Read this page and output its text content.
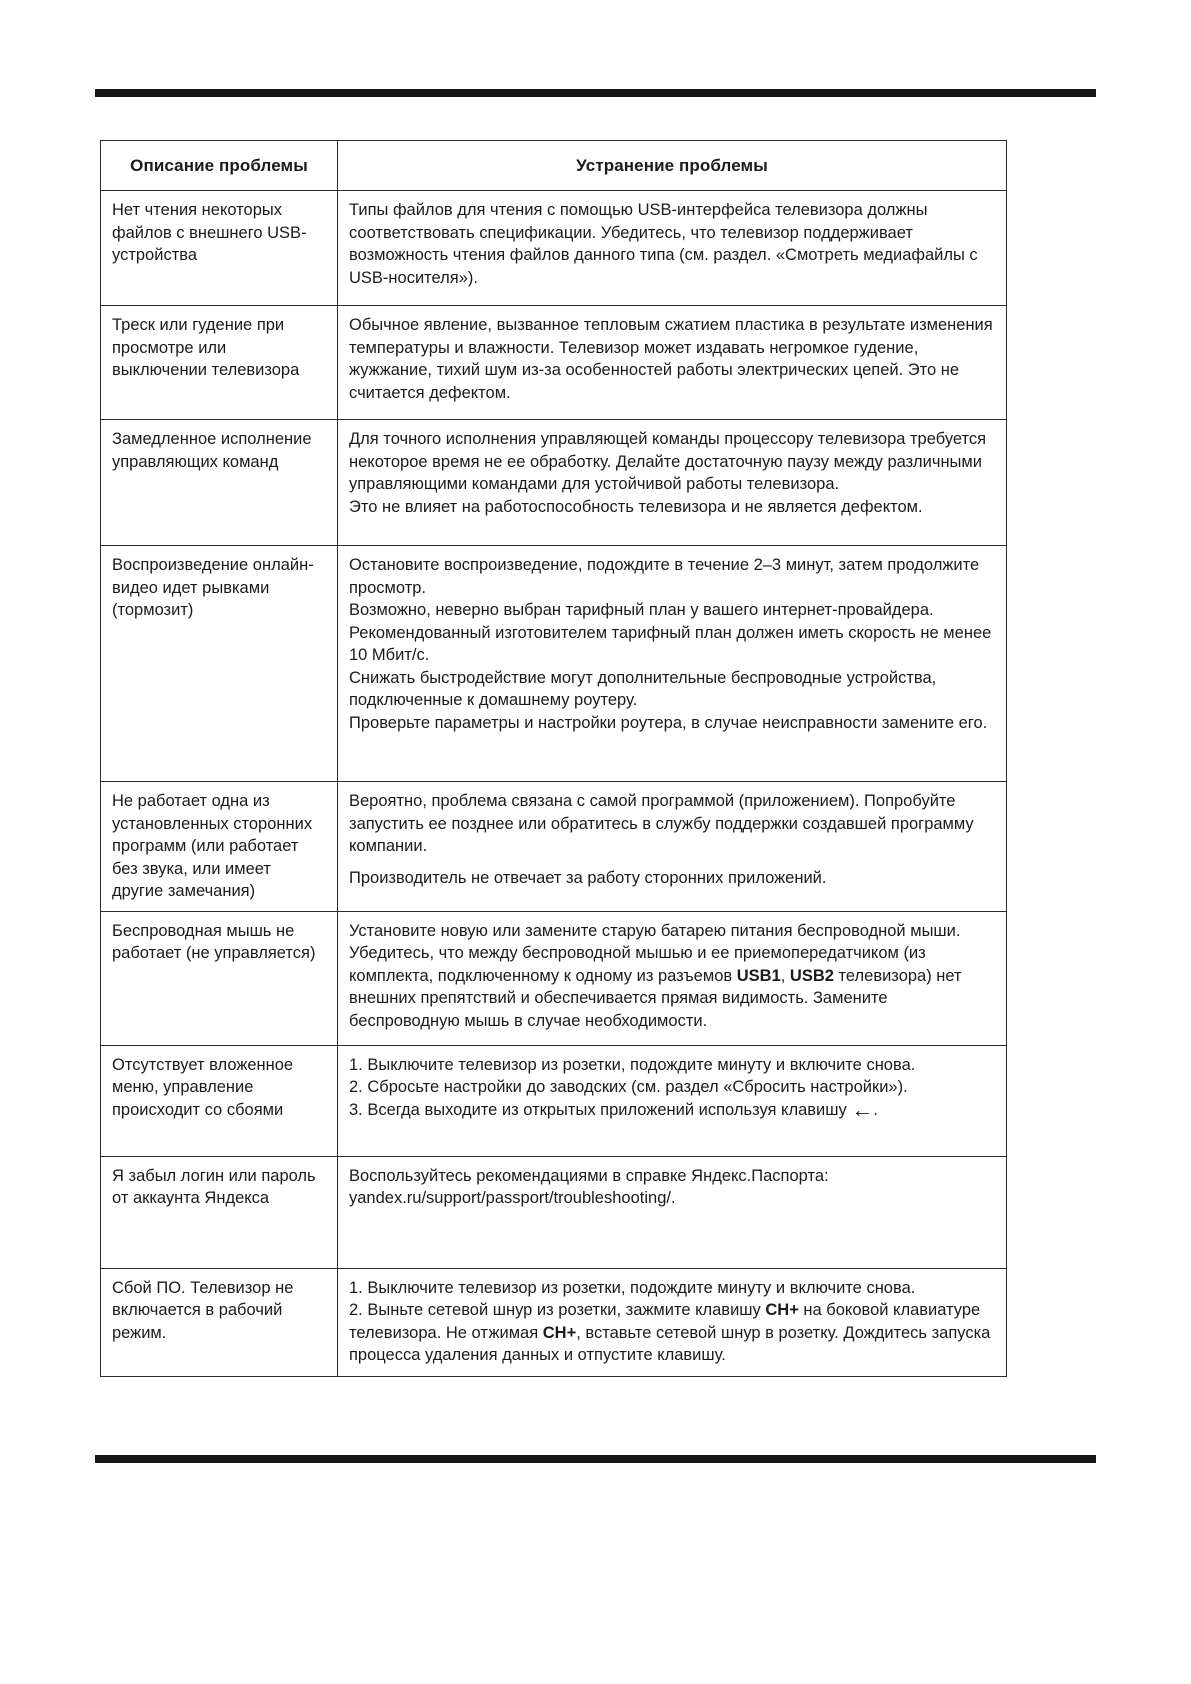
Описание проблемы	Устранение проблемы
Нет чтения некоторых файлов с внешнего USB-устройства	Типы файлов для чтения с помощью USB-интерфейса телевизора должны соответствовать спецификации. Убедитесь, что телевизор поддерживает возможность чтения файлов данного типа (см. раздел. «Смотреть медиафайлы с USB-носителя»).

Треск или гудение при просмотре или выключении телевизора	Обычное явление, вызванное тепловым сжатием пластика в результате изменения температуры и влажности. Телевизор может издавать негромкое гудение, жужжание, тихий шум из-за особенностей работы электрических цепей. Это не считается дефектом.

Замедленное исполнение управляющих команд	Для точного исполнения управляющей команды процессору телевизора требуется некоторое время не ее обработку. Делайте достаточную паузу между различными управляющими командами для устойчивой работы телевизора.

Это не влияет на работоспособность телевизора и не является дефектом.

Воспроизведение онлайн-видео идет рывками (тормозит)	Остановите воспроизведение, подождите в течение 2–3 минут, затем продолжите просмотр.

Возможно, неверно выбран тарифный план у вашего интернет-провайдера. Рекомендованный изготовителем тарифный план должен иметь скорость не менее 10 Мбит/с.

Снижать быстродействие могут дополнительные беспроводные устройства, подключенные к домашнему роутеру.

Проверьте параметры и настройки роутера, в случае неисправности замените его.

Не работает одна из установленных сторонних программ (или работает без звука, или имеет другие замечания)	Вероятно, проблема связана с самой программой (приложением). Попробуйте запустить ее позднее или обратитесь в службу поддержки создавшей программу компании.

Производитель не отвечает за работу сторонних приложений.

Беспроводная мышь не работает (не управляется)	Установите новую или замените старую батарею питания беспроводной мыши.

Убедитесь, что между беспроводной мышью и ее приемопередатчиком (из комплекта, подключенному к одному из разъемов USB1, USB2 телевизора) нет внешних препятствий и обеспечивается прямая видимость. Замените беспроводную мышь в случае необходимости.

Отсутствует вложенное меню, управление происходит со сбоями	1. Выключите телевизор из розетки, подождите минуту и включите снова.

2. Сбросьте настройки до заводских (см. раздел «Сбросить настройки»).

3. Всегда выходите из открытых приложений используя клавишу ←.

Я забыл логин или пароль от аккаунта Яндекса	Воспользуйтесь рекомендациями в справке Яндекс.Паспорта: yandex.ru/support/passport/troubleshooting/.

Сбой ПО. Телевизор не включается в рабочий режим.	1. Выключите телевизор из розетки, подождите минуту и включите снова.

2. Выньте сетевой шнур из розетки, зажмите клавишу CH+ на боковой клавиатуре телевизора. Не отжимая CH+, вставьте сетевой шнур в розетку. Дождитесь запуска процесса удаления данных и отпустите клавишу.
